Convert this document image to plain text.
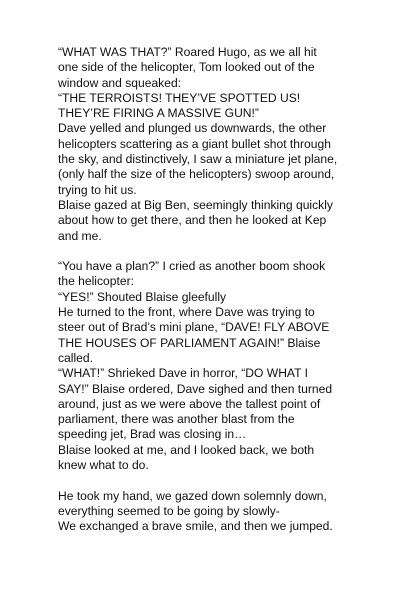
“WHAT WAS THAT?” Roared Hugo, as we all hit
one side of the helicopter, Tom looked out of the
window and squeaked:
“THE TERROISTS! THEY’VE SPOTTED US!
THEY’RE FIRING A MASSIVE GUN!”
Dave yelled and plunged us downwards, the other
helicopters scattering as a giant bullet shot through
the sky, and distinctively, I saw a miniature jet plane,
(only half the size of the helicopters) swoop around,
trying to hit us.
Blaise gazed at Big Ben, seemingly thinking quickly
about how to get there, and then he looked at Kep
and me.
“You have a plan?” I cried as another boom shook
the helicopter:
“YES!” Shouted Blaise gleefully
He turned to the front, where Dave was trying to
steer out of Brad’s mini plane, “DAVE! FLY ABOVE
THE HOUSES OF PARLIAMENT AGAIN!” Blaise
called.
“WHAT!” Shrieked Dave in horror, “DO WHAT I
SAY!” Blaise ordered, Dave sighed and then turned
around, just as we were above the tallest point of
parliament, there was another blast from the
speeding jet, Brad was closing in…
Blaise looked at me, and I looked back, we both
knew what to do.
He took my hand, we gazed down solemnly down,
everything seemed to be going by slowly-
We exchanged a brave smile, and then we jumped.
